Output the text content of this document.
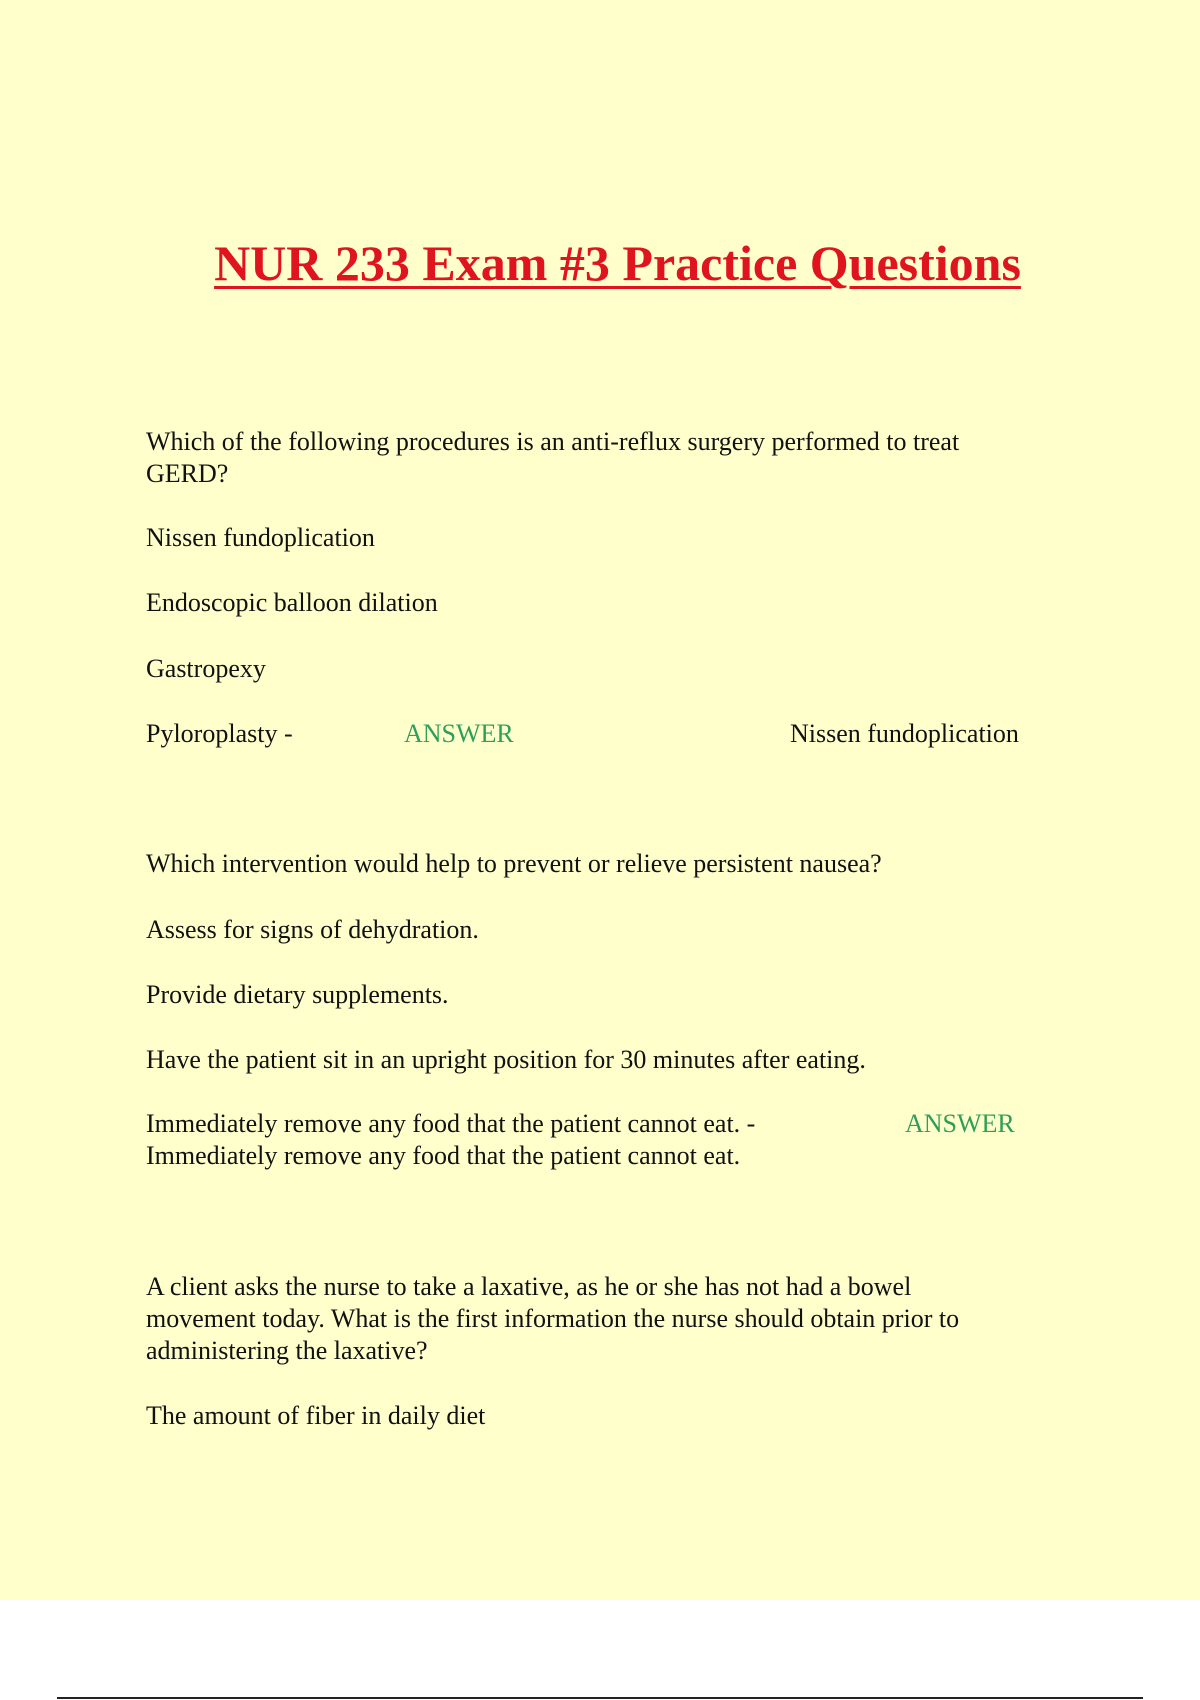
NUR 233 Exam #3 Practice Questions

Which of the following procedures is an anti-reflux surgery performed to treat

GERD?

Nissen fundoplication

Endoscopic balloon dilation

Gastropexy

Pyloroplasty -	ANSWER	Nissen fundoplication

Which intervention would help to prevent or relieve persistent nausea?

Assess for signs of dehydration.

Provide dietary supplements.

Have the patient sit in an upright position for 30 minutes after eating.

Immediately remove any food that the patient cannot eat. -	ANSWER

Immediately remove any food that the patient cannot eat.

A client asks the nurse to take a laxative, as he or she has not had a bowel

movement today. What is the first information the nurse should obtain prior to

administering the laxative?

The amount of fiber in daily diet
